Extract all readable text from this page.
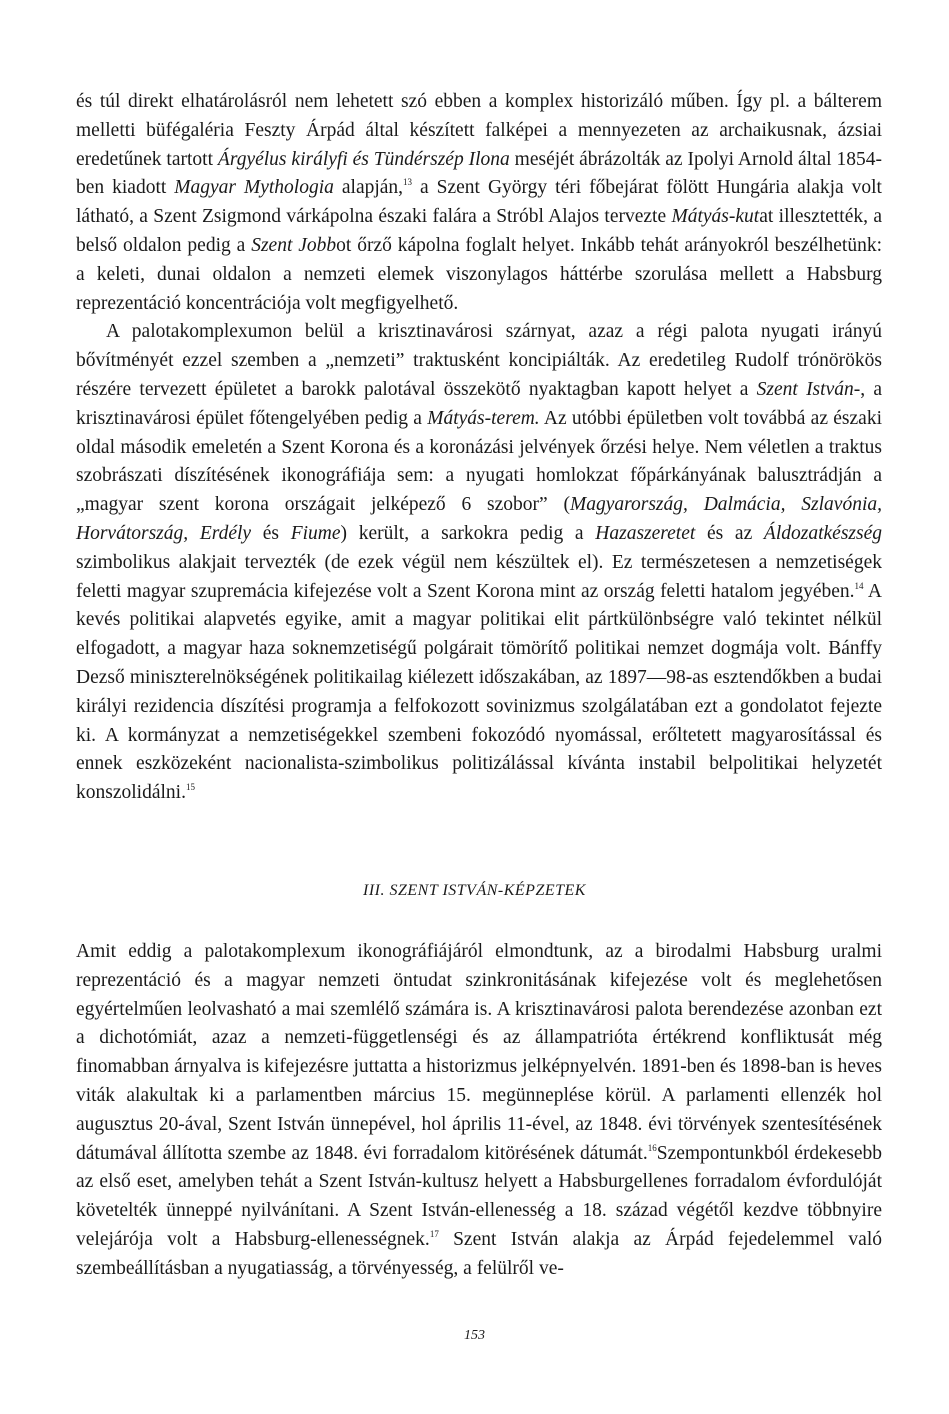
és túl direkt elhatárolásról nem lehetett szó ebben a komplex historizáló műben. Így pl. a bálterem melletti büfégaléria Feszty Árpád által készített falképei a mennyezeten az archaikusnak, ázsiai eredetűnek tartott Árgyélus királyfi és Tündérszép Ilona meséjét ábrázolták az Ipolyi Arnold által 1854-ben kiadott Magyar Mythologia alapján,$^{13}$ a Szent György téri főbejárat fölött Hungária alakja volt látható, a Szent Zsigmond várkápolna északi falára a Stróbl Alajos tervezte Mátyás-kutat illesztették, a belső oldalon pedig a Szent Jobbot őrző kápolna foglalt helyet. Inkább tehát arányokról beszélhetünk: a keleti, dunai oldalon a nemzeti elemek viszonylagos háttérbe szorulása mellett a Habsburg reprezentáció koncentrációja volt megfigyelhető.

A palotakomplexumon belül a krisztinavárosi szárnyat, azaz a régi palota nyugati irányú bővítményét ezzel szemben a „nemzeti” traktusként koncipiálták. Az eredetileg Rudolf trónörökös részére tervezett épületet a barokk palotával összekötő nyaktagban kapott helyet a Szent István-, a krisztinavárosi épület főtengelyében pedig a Mátyás-terem. Az utóbbi épületben volt továbbá az északi oldal második emeletén a Szent Korona és a koronázási jelvények őrzési helye. Nem véletlen a traktus szobrászati díszítésének ikonográfiája sem: a nyugati homlokzat főpárkányának balusztrádján a „magyar szent korona országait jelképező 6 szobor” (Magyarország, Dalmácia, Szlavónia, Horvátország, Erdély és Fiume) került, a sarkokra pedig a Hazaszeretet és az Áldozatkészség szimbolikus alakjait tervezték (de ezek végül nem készültek el). Ez természetesen a nemzetiségek feletti magyar szupremácia kifejezése volt a Szent Korona mint az ország feletti hatalom jegyében.$^{14}$ A kevés politikai alapvetés egyike, amit a magyar politikai elit pártkülönbségre való tekintet nélkül elfogadott, a magyar haza soknemzetiségű polgárait tömörítő politikai nemzet dogmája volt. Bánffy Dezső miniszterelnökségének politikailag kiélezett időszakában, az 1897—98-as esztendőkben a budai királyi rezidencia díszítési programja a felfokozott sovinizmus szolgálatában ezt a gondolatot fejezte ki. A kormányzat a nemzetiségekkel szembeni fokozódó nyomással, erőltetett magyarosítással és ennek eszközeként nacionalista-szimbolikus politizálással kívánta instabil belpolitikai helyzetét konszolidálni.$^{15}$

III. SZENT ISTVÁN-KÉPZETEK

Amit eddig a palotakomplexum ikonográfiájáról elmondtunk, az a birodalmi Habsburg uralmi reprezentáció és a magyar nemzeti öntudat szinkronitásának kifejezése volt és meglehetősen egyértelműen leolvasható a mai szemlélő számára is. A krisztinavárosi palota berendezése azonban ezt a dichotómiát, azaz a nemzeti-függetlenségi és az állampatrióta értékrend konfliktusát még finomabban árnyalva is kifejezésre juttatta a historizmus jelképnyelvén. 1891-ben és 1898-ban is heves viták alakultak ki a parlamentben március 15. megünneplése körül. A parlamenti ellenzék hol augusztus 20-ával, Szent István ünnepével, hol április 11-ével, az 1848. évi törvények szentesítésének dátumával állította szembe az 1848. évi forradalom kitörésének dátumát.$^{16}$Szempontunkból érdekesebb az első eset, amelyben tehát a Szent István-kultusz helyett a Habsburgellenes forradalom évfordulóját követelték ünneppé nyilvánítani. A Szent István-ellenesség a 18. század végétől kezdve többnyire velejárója volt a Habsburg-ellenességnek.$^{17}$ Szent István alakja az Árpád fejedelemmel való szembeállításban a nyugatiasság, a törvényesség, a felülről ve-

153
